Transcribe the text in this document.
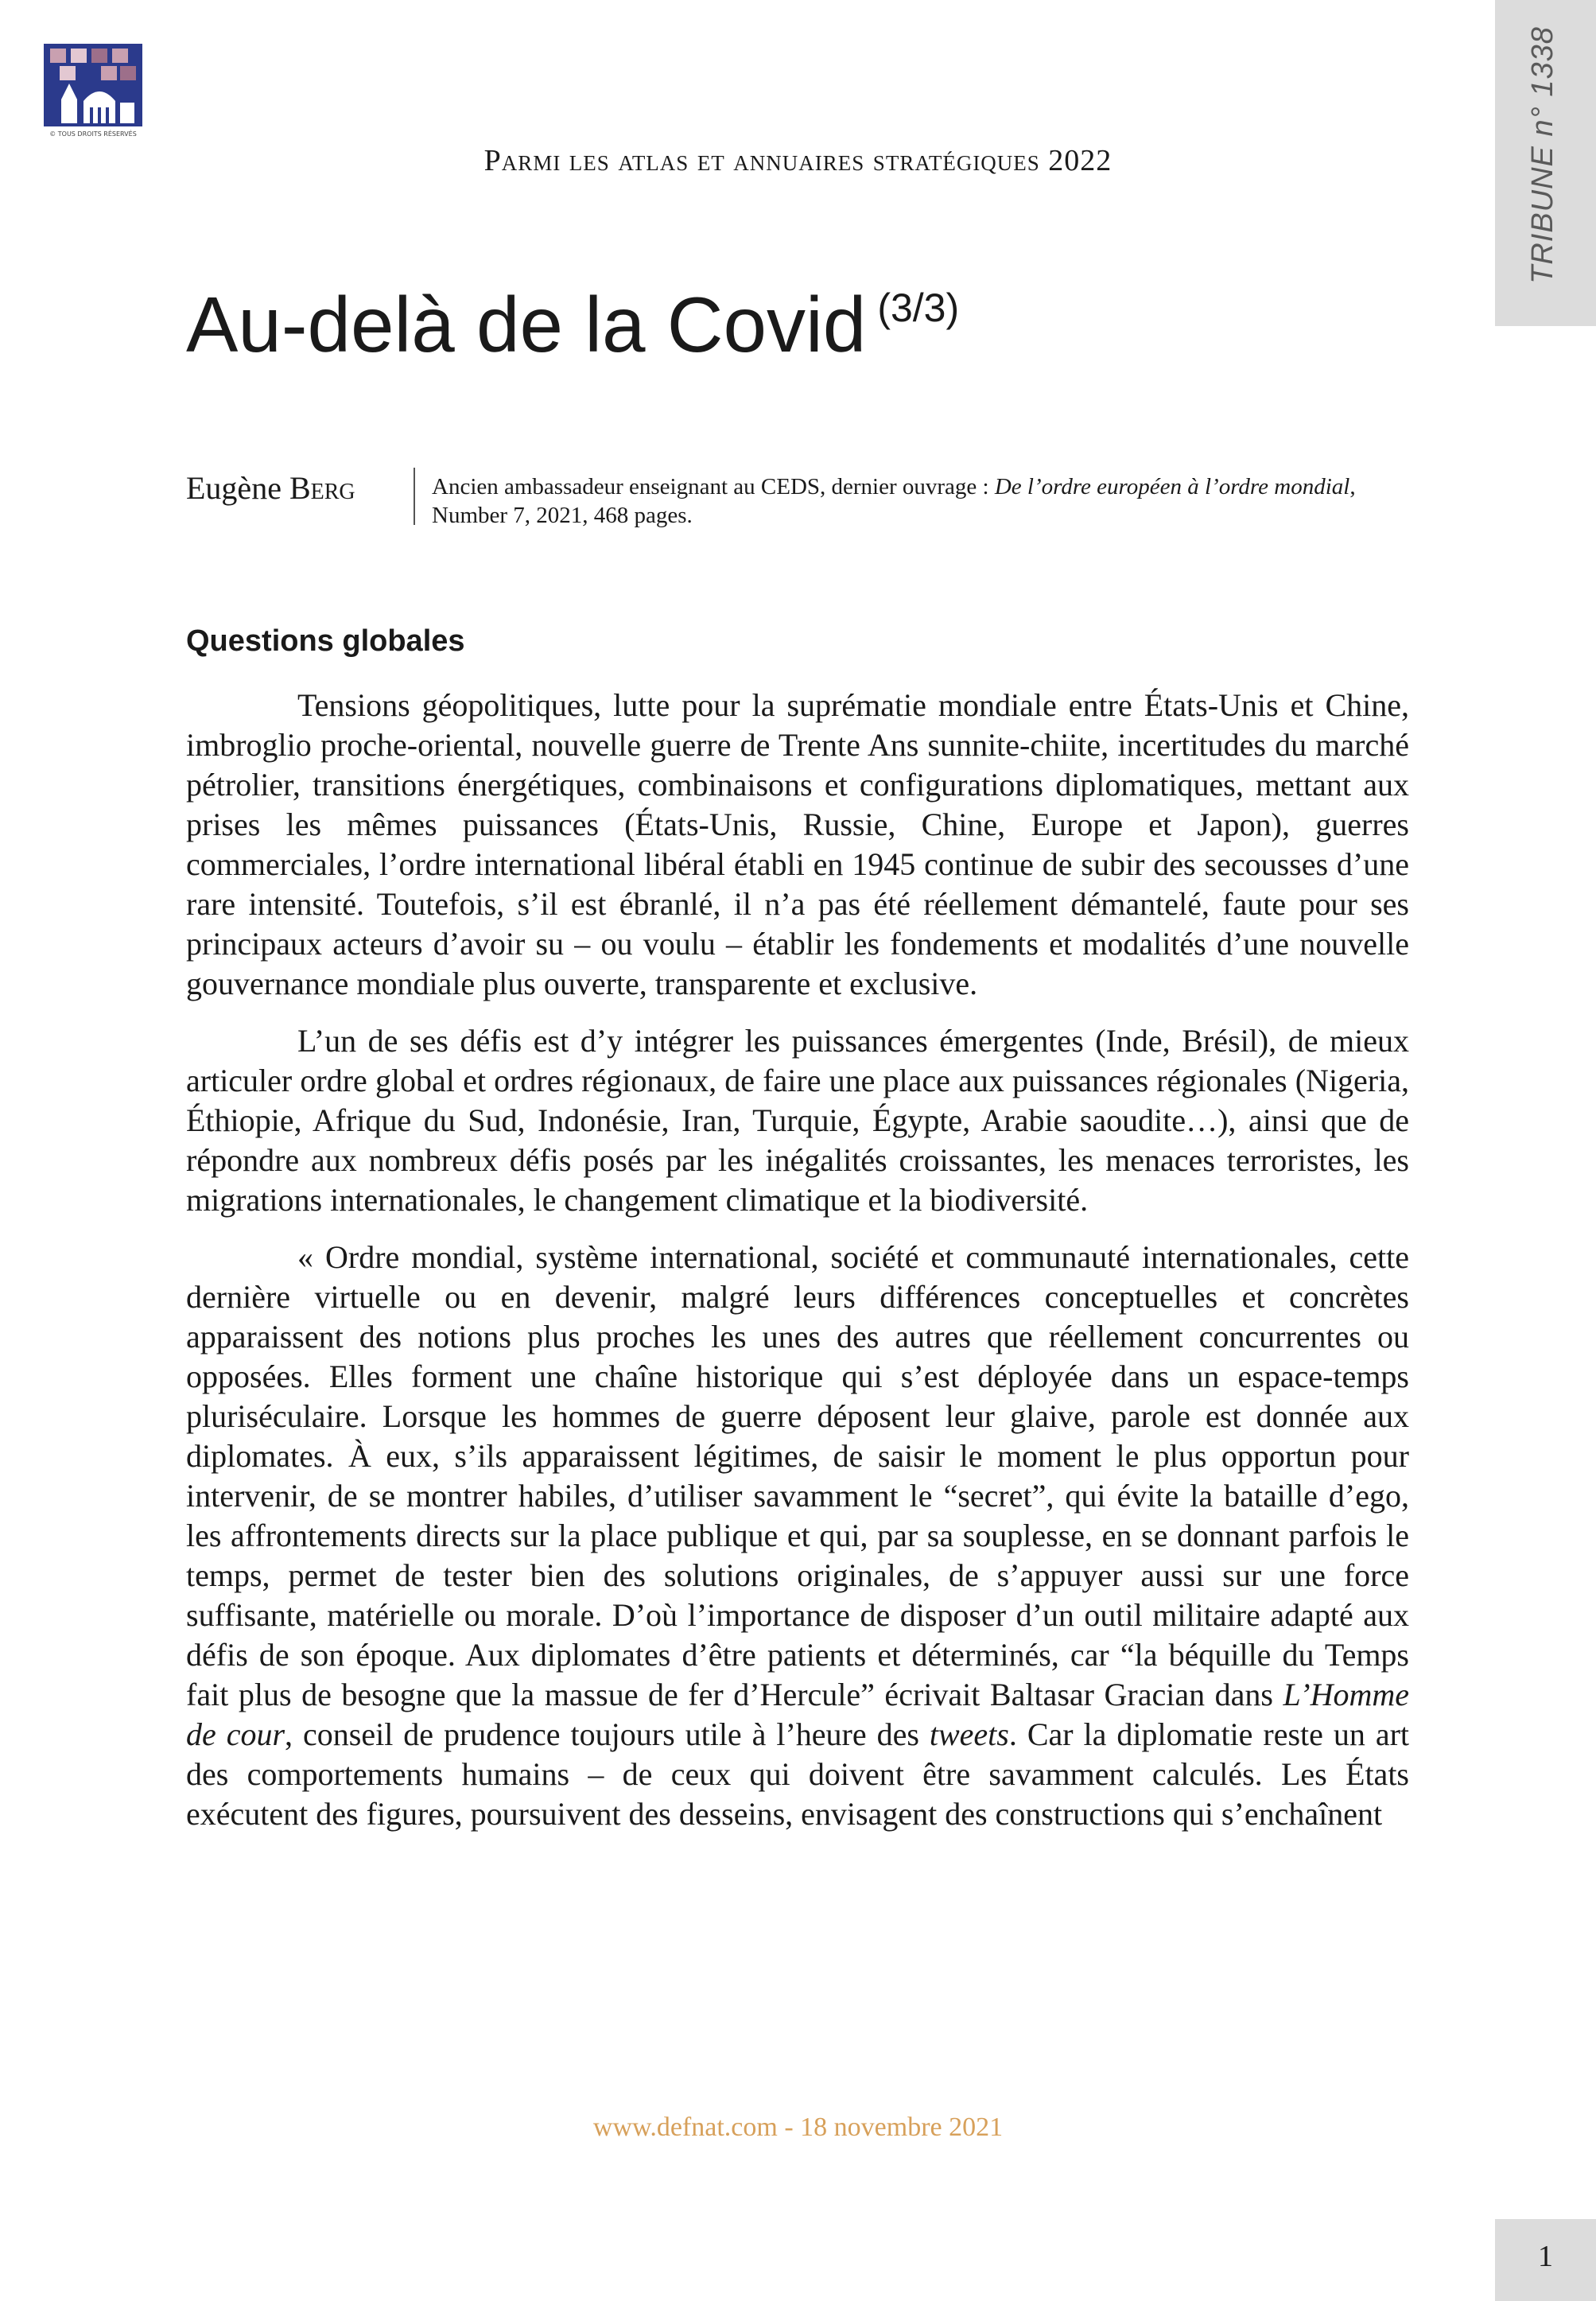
© TOUS DROITS RÉSERVÉS	TRIBUNE n° 1338
Parmi les atlas et annuaires stratégiques 2022
Au-delà de la Covid $^{(3/3)}$
Eugène Berg	Ancien ambassadeur enseignant au CEDS, dernier ouvrage : De l’ordre européen à l’ordre mondial, Number 7, 2021, 468 pages.
Questions globales

Tensions géopolitiques, lutte pour la suprématie mondiale entre États-Unis et Chine, imbroglio proche-oriental, nouvelle guerre de Trente Ans sunnite-chiite, incertitudes du marché pétrolier, transitions énergétiques, combinaisons et configurations diplomatiques, mettant aux prises les mêmes puissances (États-Unis, Russie, Chine, Europe et Japon), guerres commerciales, l’ordre international libéral établi en 1945 continue de subir des secousses d’une rare intensité. Toutefois, s’il est ébranlé, il n’a pas été réellement démantelé, faute pour ses principaux acteurs d’avoir su – ou voulu – établir les fondements et modalités d’une nouvelle gouvernance mondiale plus ouverte, transparente et exclusive.

L’un de ses défis est d’y intégrer les puissances émergentes (Inde, Brésil), de mieux articuler ordre global et ordres régionaux, de faire une place aux puissances régionales (Nigeria, Éthiopie, Afrique du Sud, Indonésie, Iran, Turquie, Égypte, Arabie saoudite…), ainsi que de répondre aux nombreux défis posés par les inégalités croissantes, les menaces terroristes, les migrations internationales, le changement climatique et la biodiversité.

« Ordre mondial, système international, société et communauté internationales, cette dernière virtuelle ou en devenir, malgré leurs différences conceptuelles et concrètes apparaissent des notions plus proches les unes des autres que réellement concurrentes ou opposées. Elles forment une chaîne historique qui s’est déployée dans un espace-temps pluriséculaire. Lorsque les hommes de guerre déposent leur glaive, parole est donnée aux diplomates. À eux, s’ils apparaissent légitimes, de saisir le moment le plus opportun pour intervenir, de se montrer habiles, d’utiliser savamment le “secret”, qui évite la bataille d’ego, les affrontements directs sur la place publique et qui, par sa souplesse, en se donnant parfois le temps, permet de tester bien des solutions originales, de s’appuyer aussi sur une force suffisante, matérielle ou morale. D’où l’importance de disposer d’un outil militaire adapté aux défis de son époque. Aux diplomates d’être patients et déterminés, car “la béquille du Temps fait plus de besogne que la massue de fer d’Hercule” écrivait Baltasar Gracian dans L’Homme de cour, conseil de prudence toujours utile à l’heure des tweets. Car la diplomatie reste un art des comportements humains – de ceux qui doivent être savamment calculés. Les États exécutent des figures, poursuivent des desseins, envisagent des constructions qui s’enchaînent

www.defnat.com - 18 novembre 2021
1
